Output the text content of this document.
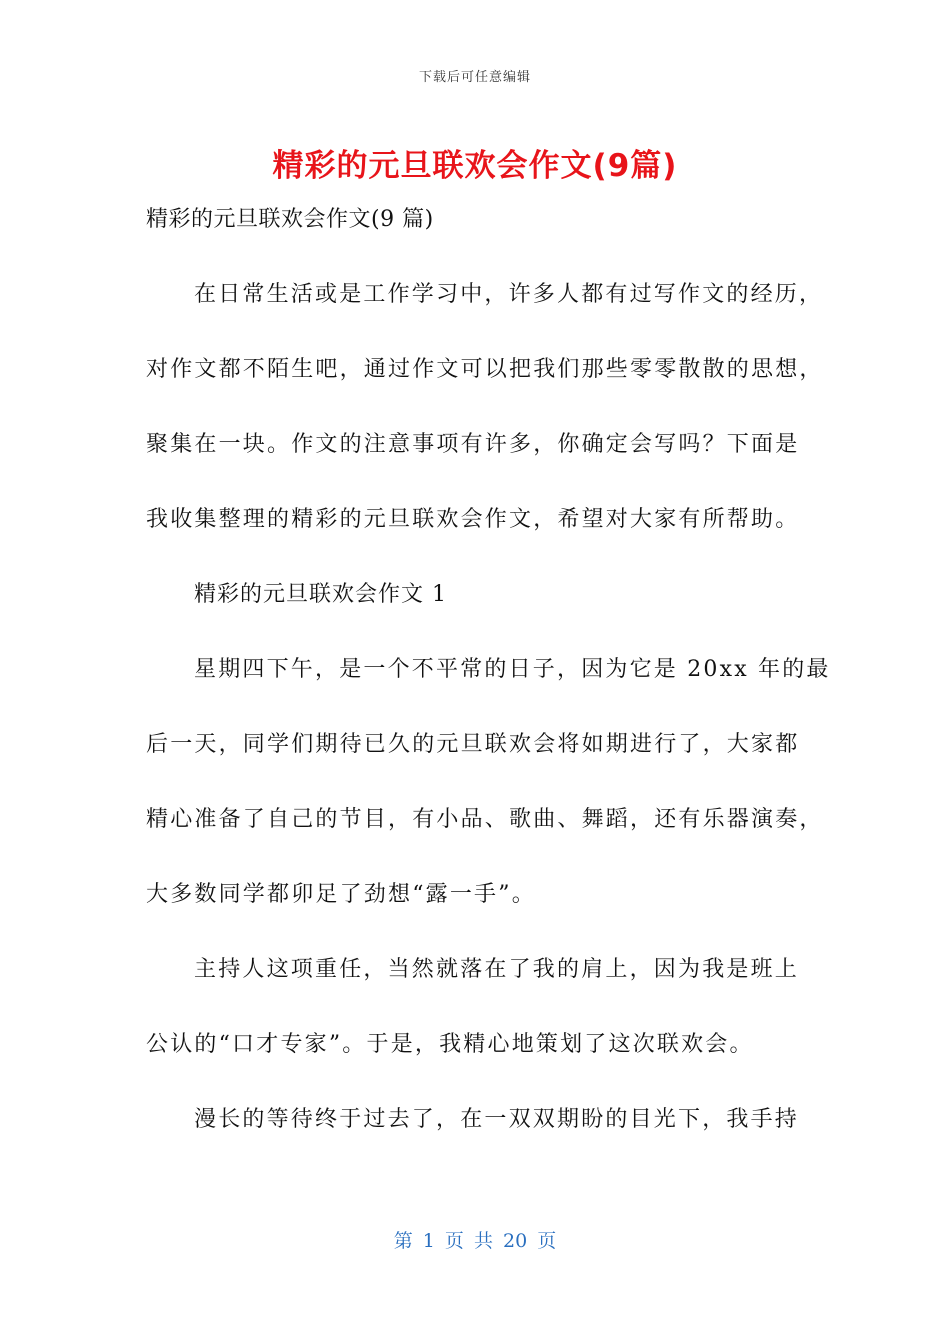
下载后可任意编辑
精彩的元旦联欢会作文(9篇)
精彩的元旦联欢会作文(9 篇)
在日常生活或是工作学习中，许多人都有过写作文的经历，
对作文都不陌生吧，通过作文可以把我们那些零零散散的思想，
聚集在一块。作文的注意事项有许多，你确定会写吗？下面是
我收集整理的精彩的元旦联欢会作文，希望对大家有所帮助。
精彩的元旦联欢会作文 1
星期四下午，是一个不平常的日子，因为它是 20xx 年的最
后一天，同学们期待已久的元旦联欢会将如期进行了，大家都
精心准备了自己的节目，有小品、歌曲、舞蹈，还有乐器演奏，
大多数同学都卯足了劲想“露一手”。
主持人这项重任，当然就落在了我的肩上，因为我是班上
公认的“口才专家”。于是，我精心地策划了这次联欢会。
漫长的等待终于过去了，在一双双期盼的目光下，我手持
第 1 页 共 20 页
